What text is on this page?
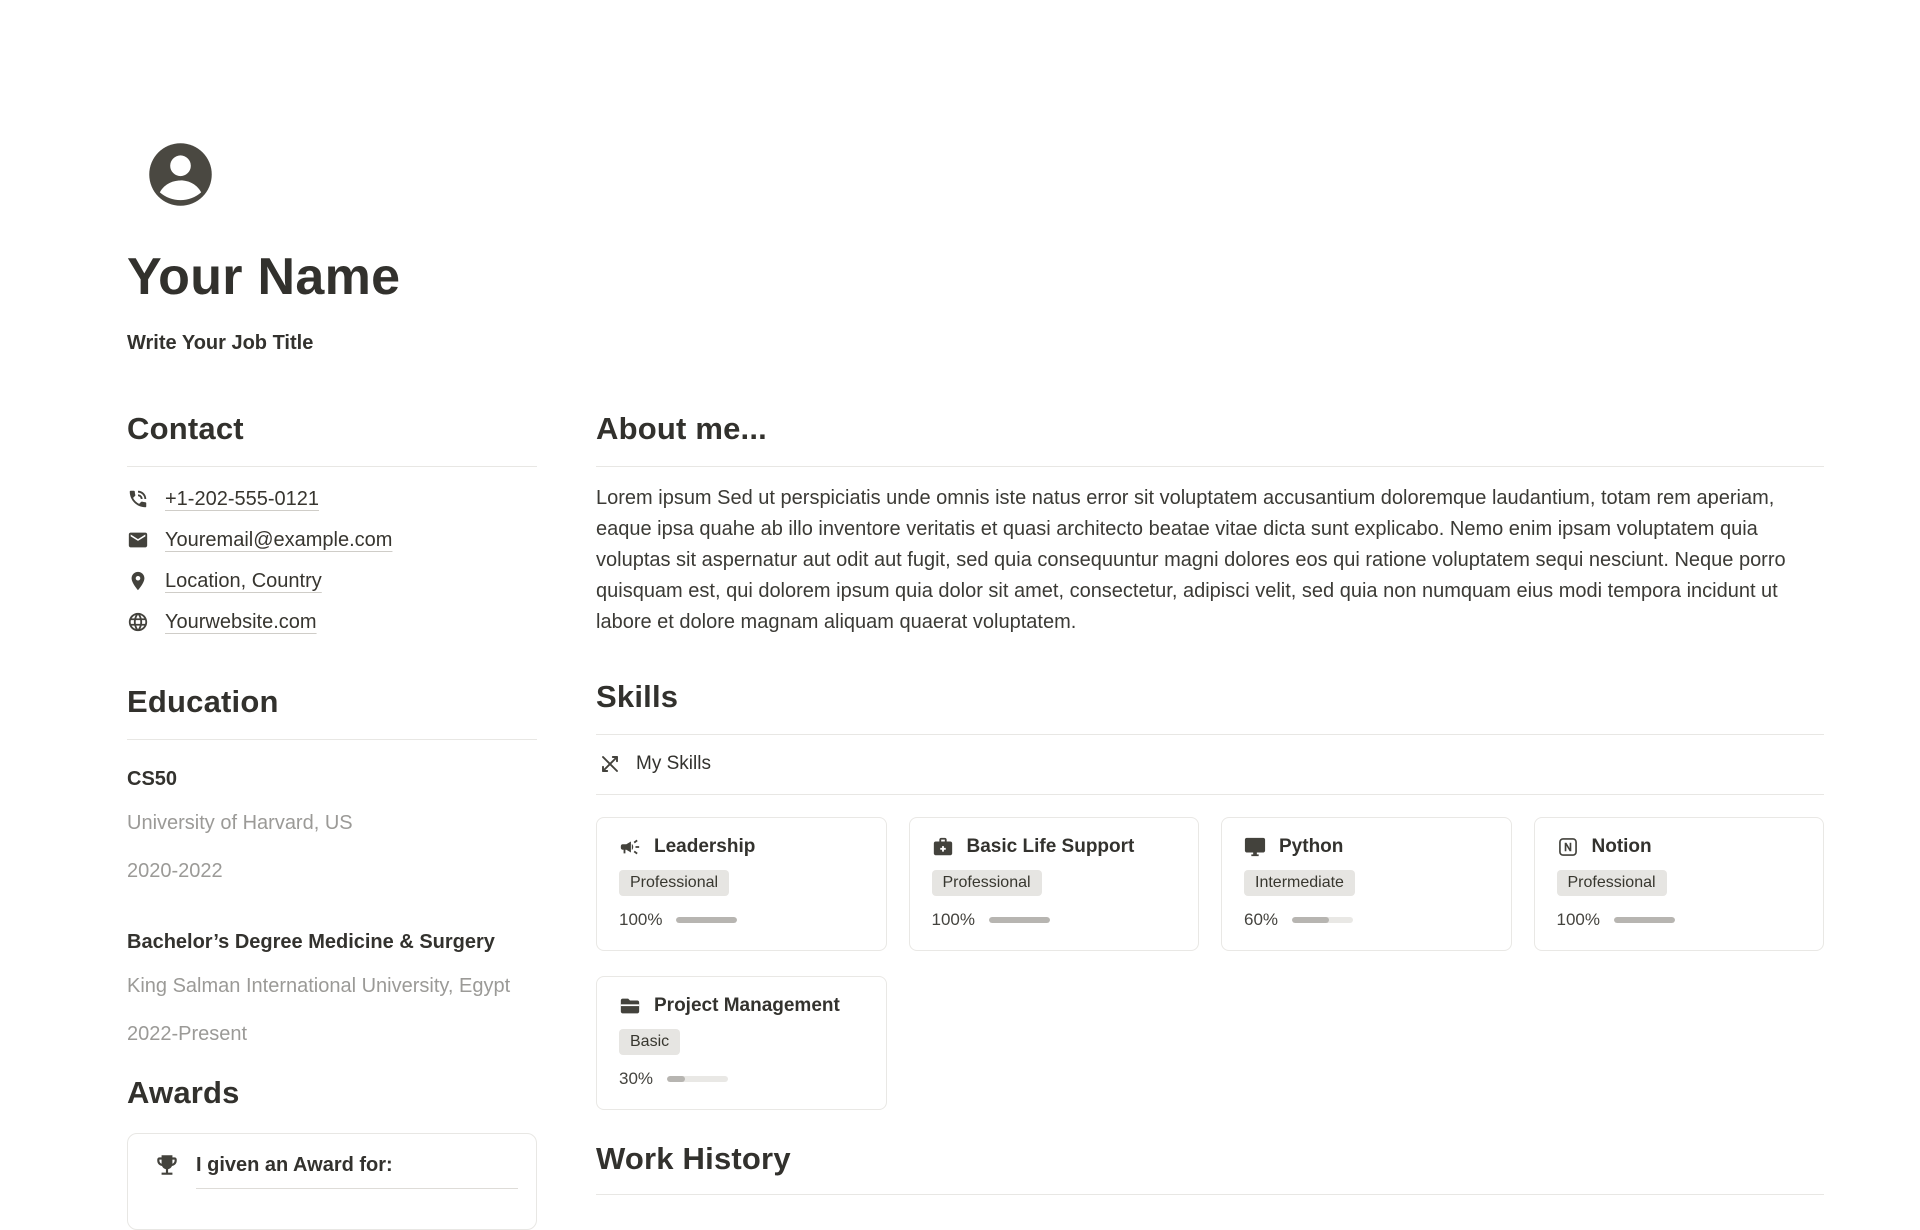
Your Name
Write Your Job Title
Contact
+1-202-555-0121
Youremail@example.com
Location, Country
Yourwebsite.com
Education
CS50
University of Harvard, US
2020-2022
Bachelor’s Degree Medicine & Surgery
King Salman International University, Egypt
2022-Present
Awards
I given an Award for:
About me...

Lorem ipsum Sed ut perspiciatis unde omnis iste natus error sit voluptatem accusantium doloremque laudantium, totam rem aperiam, eaque ipsa quahe ab illo inventore veritatis et quasi architecto beatae vitae dicta sunt explicabo. Nemo enim ipsam voluptatem quia voluptas sit aspernatur aut odit aut fugit, sed quia consequuntur magni dolores eos qui ratione voluptatem sequi nesciunt. Neque porro quisquam est, qui dolorem ipsum quia dolor sit amet, consectetur, adipisci velit, sed quia non numquam eius modi tempora incidunt ut labore et dolore magnam aliquam quaerat voluptatem.

Skills
My Skills
Leadership
Professional
100%
Basic Life Support
Professional
100%
Python
Intermediate
60%
Notion
Professional
100%
Project Management
Basic
30%
Work History
